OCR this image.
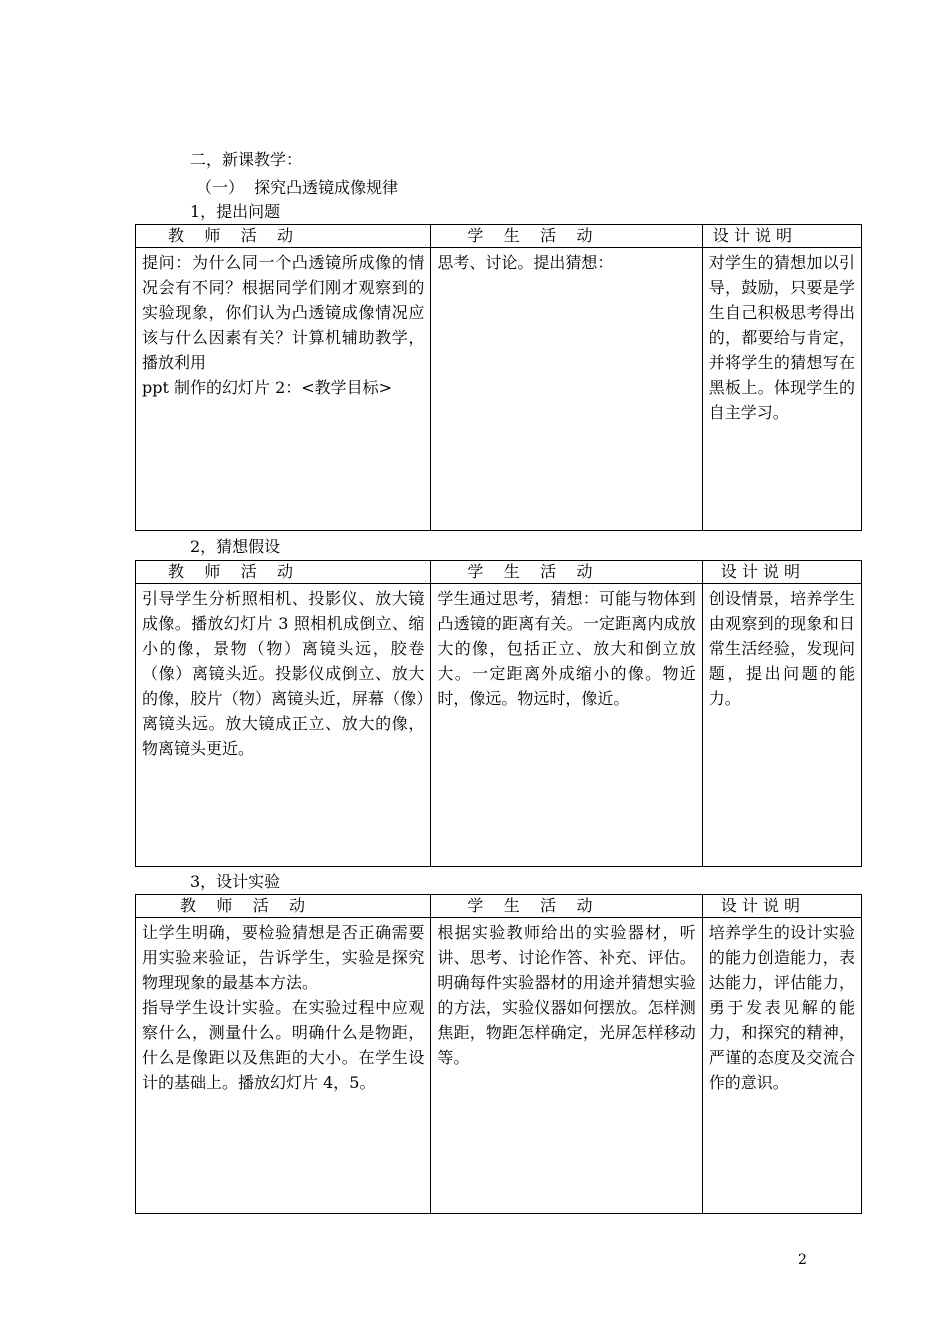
二，新课教学：
（一）  探究凸透镜成像规律
1，提出问题
教    师    活    动	学    生    活    动	设 计 说 明

提问：为什么同一个凸透镜所成像的情况会有不同？根据同学们刚才观察到的实验现象，你们认为凸透镜成像情况应该与什么因素有关？计算机辅助教学，播放利用
ppt 制作的幻灯片 2：<教学目标>	思考、讨论。提出猜想：	对学生的猜想加以引导，鼓励，只要是学生自己积极思考得出的，都要给与肯定，并将学生的猜想写在黑板上。体现学生的自主学习。
2，猜想假设
教    师    活    动	学    生    活    动	设 计 说 明

引导学生分析照相机、投影仪、放大镜成像。播放幻灯片 3 照相机成倒立、缩小的像，景物（物）离镜头远，胶卷（像）离镜头近。投影仪成倒立、放大的像，胶片（物）离镜头近，屏幕（像）离镜头远。放大镜成正立、放大的像，物离镜头更近。	学生通过思考，猜想：可能与物体到凸透镜的距离有关。一定距离内成放大的像，包括正立、放大和倒立放大。一定距离外成缩小的像。物近时，像远。物远时，像近。	创设情景，培养学生由观察到的现象和日常生活经验，发现问题，提出问题的能力。
3，设计实验
教    师    活    动	学    生    活    动	设 计 说 明

让学生明确，要检验猜想是否正确需要用实验来验证，告诉学生，实验是探究物理现象的最基本方法。
指导学生设计实验。在实验过程中应观察什么，测量什么。明确什么是物距，什么是像距以及焦距的大小。在学生设计的基础上。播放幻灯片 4，5。	根据实验教师给出的实验器材，听讲、思考、讨论作答、补充、评估。明确每件实验器材的用途并猜想实验的方法，实验仪器如何摆放。怎样测焦距，物距怎样确定，光屏怎样移动等。	培养学生的设计实验的能力创造能力，表达能力，评估能力，勇于发表见解的能力，和探究的精神，严谨的态度及交流合作的意识。
2
